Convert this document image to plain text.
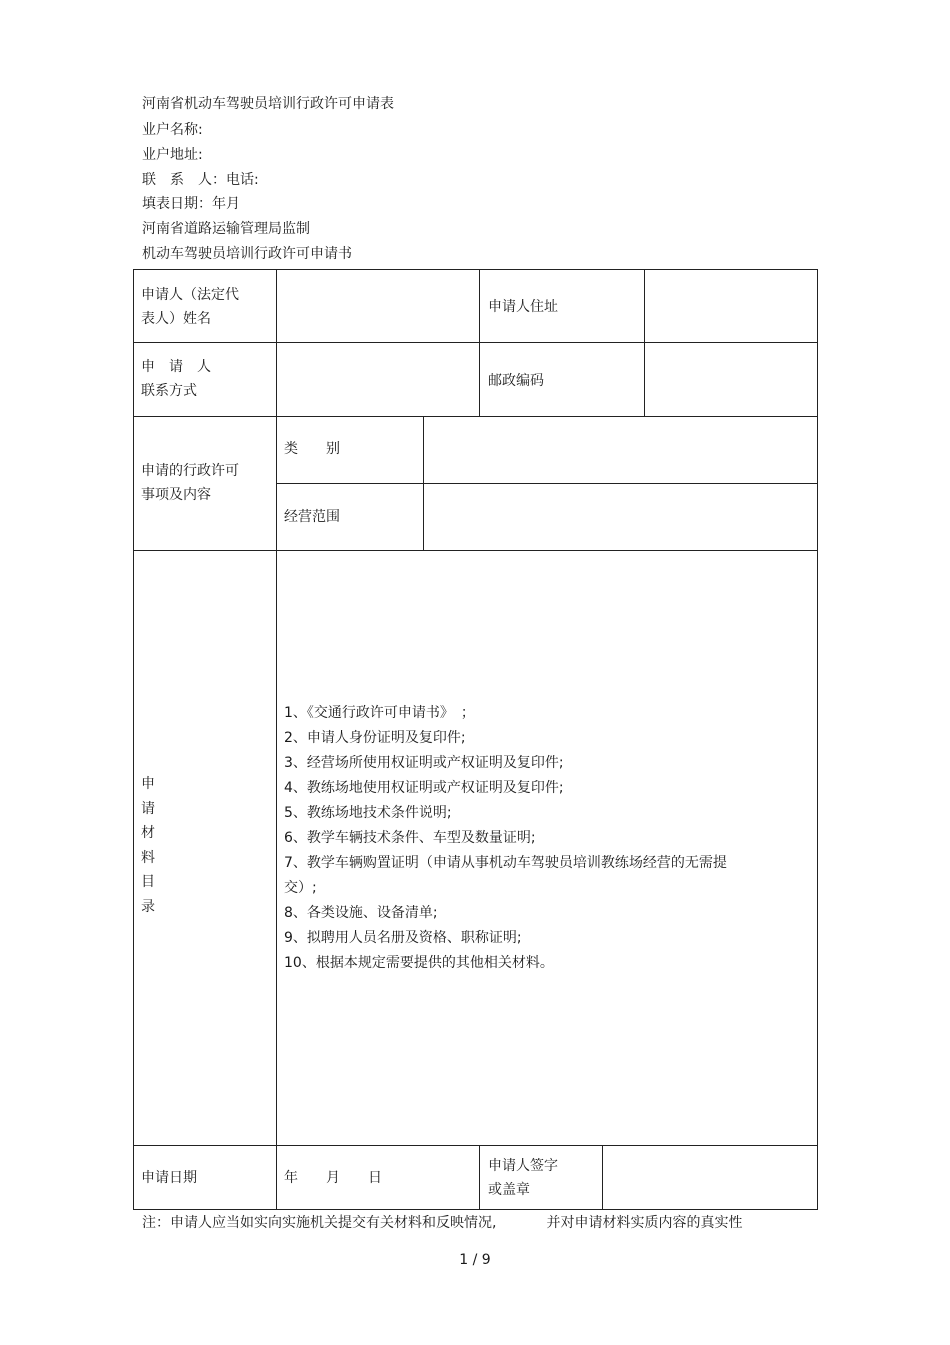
河南省机动车驾驶员培训行政许可申请表
业户名称:
业户地址:
联　系　人：电话:
填表日期：年月
河南省道路运输管理局监制
机动车驾驶员培训行政许可申请书
申请人（法定代
表人）姓名
申请人住址
申　请　人
联系方式
邮政编码
申请的行政许可
事项及内容
类　　别
经营范围
申
请
材
料
目
录
1、《交通行政许可申请书》　；
2、申请人身份证明及复印件;
3、经营场所使用权证明或产权证明及复印件;
4、教练场地使用权证明或产权证明及复印件;
5、教练场地技术条件说明;
6、教学车辆技术条件、车型及数量证明;
7、教学车辆购置证明（申请从事机动车驾驶员培训教练场经营的无需提
交）;
8、各类设施、设备清单;
9、拟聘用人员名册及资格、职称证明;
10、根据本规定需要提供的其他相关材料。
申请日期	年　　月　　日
申请人签字
或盖章
注：申请人应当如实向实施机关提交有关材料和反映情况,	并对申请材料实质内容的真实性
1 / 9
